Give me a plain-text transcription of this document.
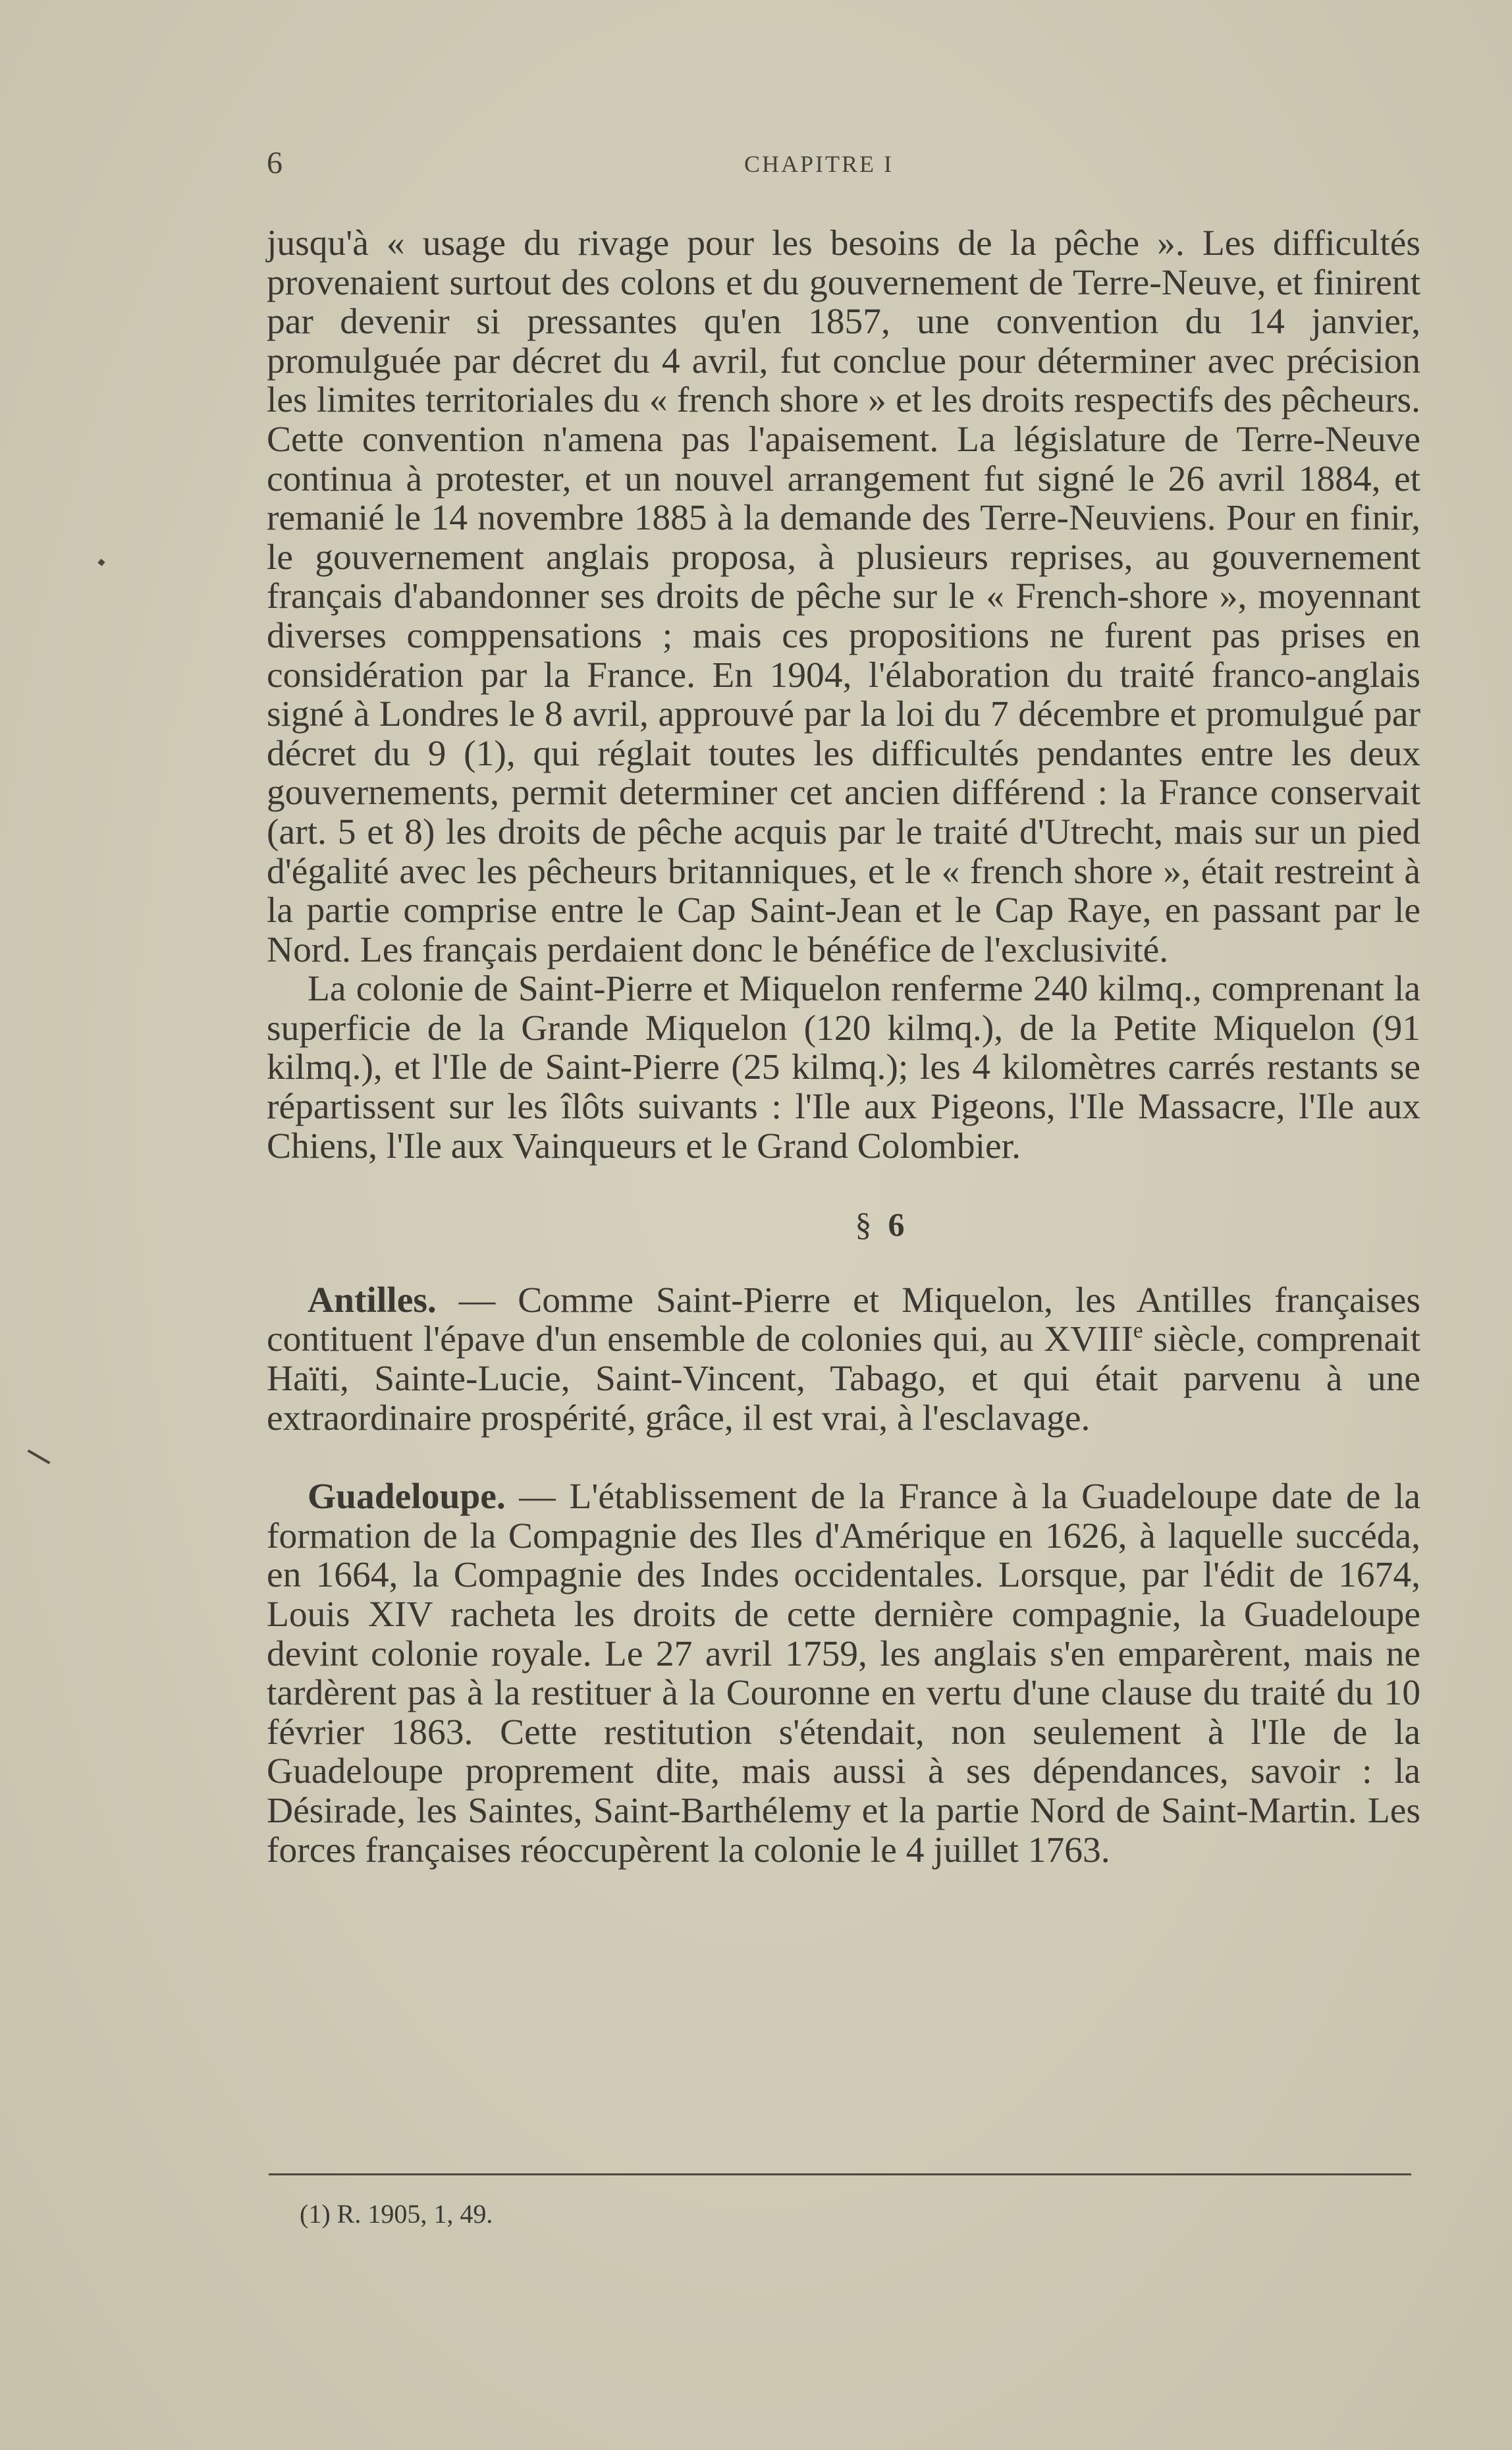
6	CHAPITRE I

jusqu'à « usage du rivage pour les besoins de la pêche ». Les difficultés provenaient surtout des colons et du gouvernement de Terre-Neuve, et finirent par devenir si pressantes qu'en 1857, une convention du 14 janvier, promulguée par décret du 4 avril, fut conclue pour déterminer avec précision les limites territoriales du « french shore » et les droits respectifs des pêcheurs. Cette convention n'amena pas l'apaisement. La législature de Terre-Neuve continua à protester, et un nouvel arrangement fut signé le 26 avril 1884, et remanié le 14 novembre 1885 à la demande des Terre-Neuviens. Pour en finir, le gouvernement anglais proposa, à plusieurs reprises, au gouvernement français d'abandonner ses droits de pêche sur le « French-shore », moyennant diverses comppensations ; mais ces propositions ne furent pas prises en considération par la France. En 1904, l'élaboration du traité franco-anglais signé à Londres le 8 avril, approuvé par la loi du 7 décembre et promulgué par décret du 9 (1), qui réglait toutes les difficultés pendantes entre les deux gouvernements, permit determiner cet ancien différend : la France conservait (art. 5 et 8) les droits de pêche acquis par le traité d'Utrecht, mais sur un pied d'égalité avec les pêcheurs britanniques, et le « french shore », était restreint à la partie comprise entre le Cap Saint-Jean et le Cap Raye, en passant par le Nord. Les français perdaient donc le bénéfice de l'exclusivité.

La colonie de Saint-Pierre et Miquelon renferme 240 kilmq., comprenant la superficie de la Grande Miquelon (120 kilmq.), de la Petite Miquelon (91 kilmq.), et l'Ile de Saint-Pierre (25 kilmq.); les 4 kilomètres carrés restants se répartissent sur les îlôts suivants : l'Ile aux Pigeons, l'Ile Massacre, l'Ile aux Chiens, l'Ile aux Vainqueurs et le Grand Colombier.

§ 6

Antilles. — Comme Saint-Pierre et Miquelon, les Antilles françaises contituent l'épave d'un ensemble de colonies qui, au XVIIIe siècle, comprenait Haïti, Sainte-Lucie, Saint-Vincent, Tabago, et qui était parvenu à une extraordinaire prospérité, grâce, il est vrai, à l'esclavage.

Guadeloupe. — L'établissement de la France à la Guadeloupe date de la formation de la Compagnie des Iles d'Amérique en 1626, à laquelle succéda, en 1664, la Compagnie des Indes occidentales. Lorsque, par l'édit de 1674, Louis XIV racheta les droits de cette dernière compagnie, la Guadeloupe devint colonie royale. Le 27 avril 1759, les anglais s'en emparèrent, mais ne tardèrent pas à la restituer à la Couronne en vertu d'une clause du traité du 10 février 1863. Cette restitution s'étendait, non seulement à l'Ile de la Guadeloupe proprement dite, mais aussi à ses dépendances, savoir : la Désirade, les Saintes, Saint-Barthélemy et la partie Nord de Saint-Martin. Les forces françaises réoccupèrent la colonie le 4 juillet 1763.

(1) R. 1905, 1, 49.
